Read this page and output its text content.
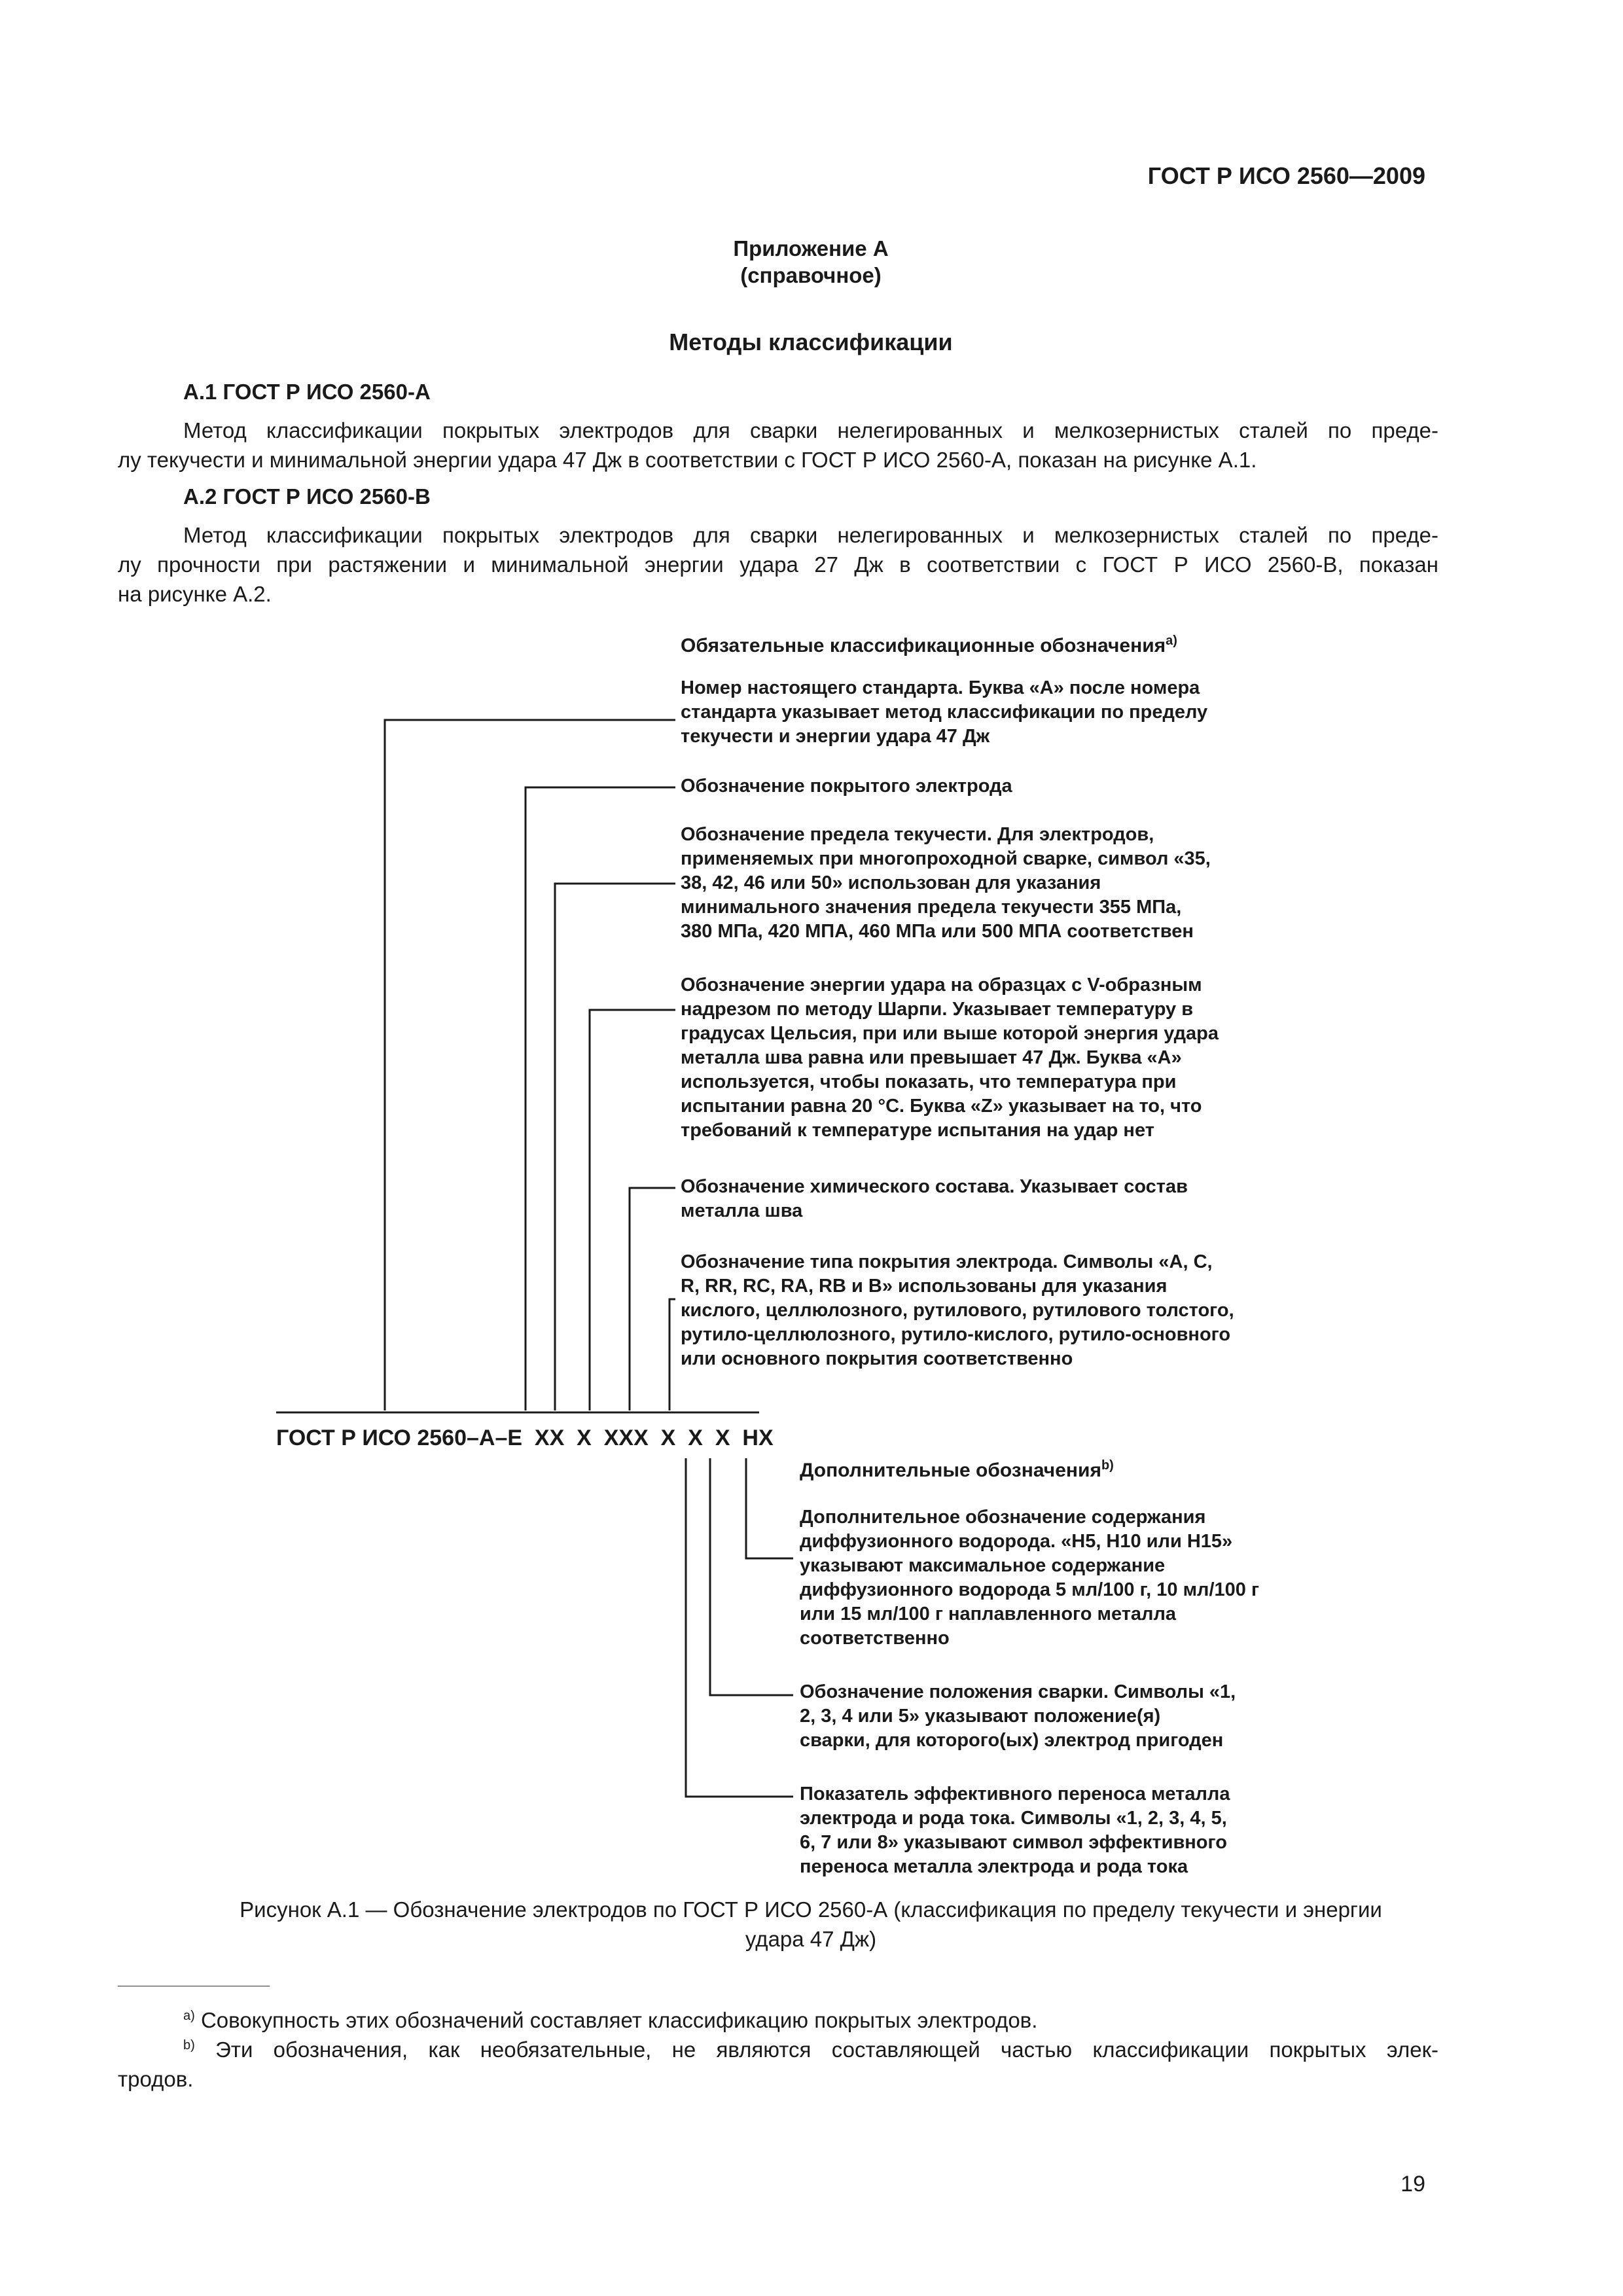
ГОСТ Р ИСО 2560—2009
Приложение А
(справочное)
Методы классификации
А.1 ГОСТ Р ИСО 2560-А
Метод классификации покрытых электродов для сварки нелегированных и мелкозернистых сталей по преде-
лу текучести и минимальной энергии удара 47 Дж в соответствии с ГОСТ Р ИСО 2560-А, показан на рисунке А.1.
А.2 ГОСТ Р ИСО 2560-В
Метод классификации покрытых электродов для сварки нелегированных и мелкозернистых сталей по преде-
лу прочности при растяжении и минимальной энергии удара 27 Дж в соответствии с ГОСТ Р ИСО 2560-В, показан
на рисунке А.2.
Обязательные классификационные обозначения$^{a)}$
Номер настоящего стандарта. Буква «А» после номера
стандарта указывает метод классификации по пределу
текучести и энергии удара 47 Дж
Обозначение покрытого электрода
Обозначение предела текучести. Для электродов,
применяемых при многопроходной сварке, символ «35,
38, 42, 46 или 50» использован для указания
минимального значения предела текучести 355 МПа,
380 МПа, 420 МПА, 460 МПа или 500 МПА соответствен
Обозначение энергии удара на образцах с V-образным
надрезом по методу Шарпи. Указывает температуру в
градусах Цельсия, при или выше которой энергия удара
металла шва равна или превышает 47 Дж. Буква «А»
используется, чтобы показать, что температура при
испытании равна 20 °С. Буква «Z» указывает на то, что
требований к температуре испытания на удар нет
Обозначение химического состава. Указывает состав
металла шва
Обозначение типа покрытия электрода. Символы «А, С,
R, RR, RC, RA, RB и В» использованы для указания
кислого, целлюлозного, рутилового, рутилового толстого,
рутило-целлюлозного, рутило-кислого, рутило-основного
или основного покрытия соответственно
ГОСТ Р ИСО 2560–А–Е  XX  X  XXX  X  X  X  HX
Дополнительные обозначения$^{b)}$
Дополнительное обозначение содержания
диффузионного водорода. «Н5, Н10 или Н15»
указывают максимальное содержание
диффузионного водорода 5 мл/100 г, 10 мл/100 г
или 15 мл/100 г наплавленного металла
соответственно
Обозначение положения сварки. Символы «1,
2, 3, 4 или 5» указывают положение(я)
сварки, для которого(ых) электрод пригоден
Показатель эффективного переноса металла
электрода и рода тока. Символы «1, 2, 3, 4, 5,
6, 7 или 8» указывают символ эффективного
переноса металла электрода и рода тока
Рисунок А.1 — Обозначение электродов по ГОСТ Р ИСО 2560-А (классификация по пределу текучести и энергии
удара 47 Дж)
$^{a)}$ Совокупность этих обозначений составляет классификацию покрытых электродов.
$^{b)}$ Эти обозначения, как необязательные, не являются составляющей частью классификации покрытых элек-
тродов.
19
